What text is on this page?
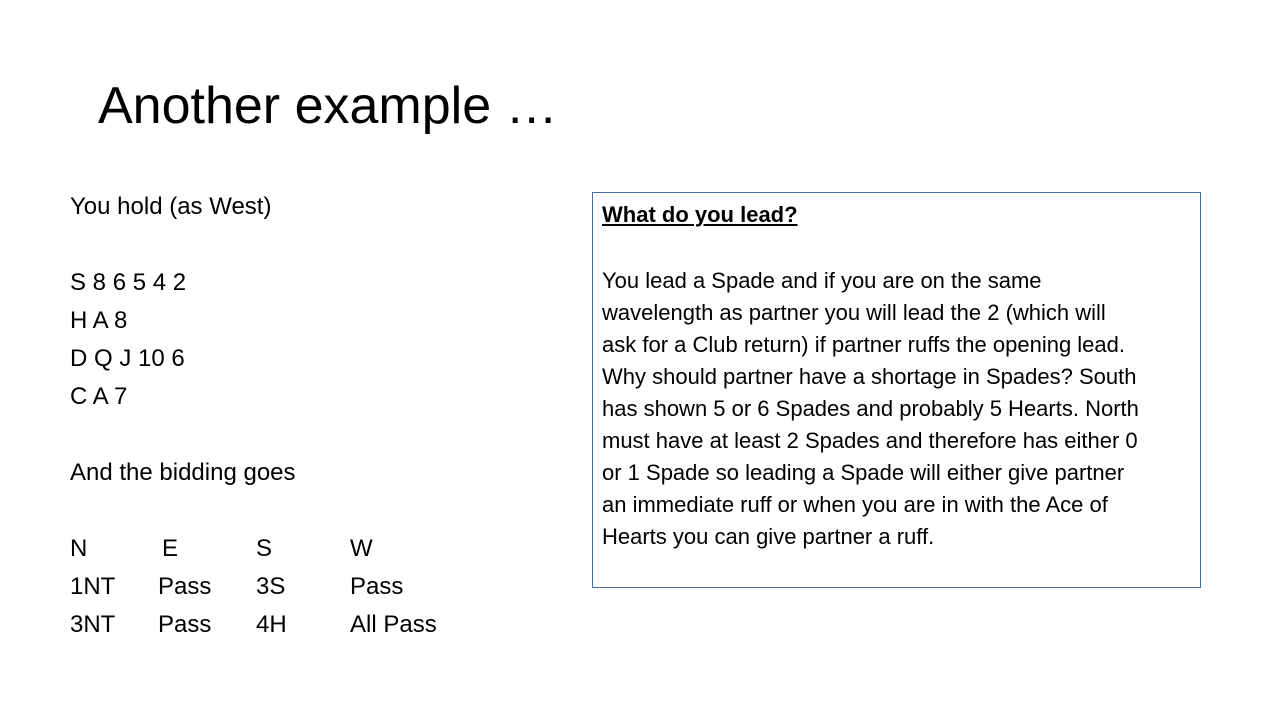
Another example …
You hold (as West)
S 8 6 5 4 2
H A 8
D Q J 10 6
C A 7
And the bidding goes
N	E	S	W
1NT Pass 3S	Pass
3NT Pass 4H	All Pass
What do you lead?
You lead a Spade and if you are on the same
wavelength as partner you will lead the 2 (which will
ask for a Club return) if partner ruffs the opening lead.
Why should partner have a shortage in Spades? South
has shown 5 or 6 Spades and probably 5 Hearts. North
must have at least 2 Spades and therefore has either 0
or 1 Spade so leading a Spade will either give partner
an immediate ruff or when you are in with the Ace of
Hearts you can give partner a ruff.
